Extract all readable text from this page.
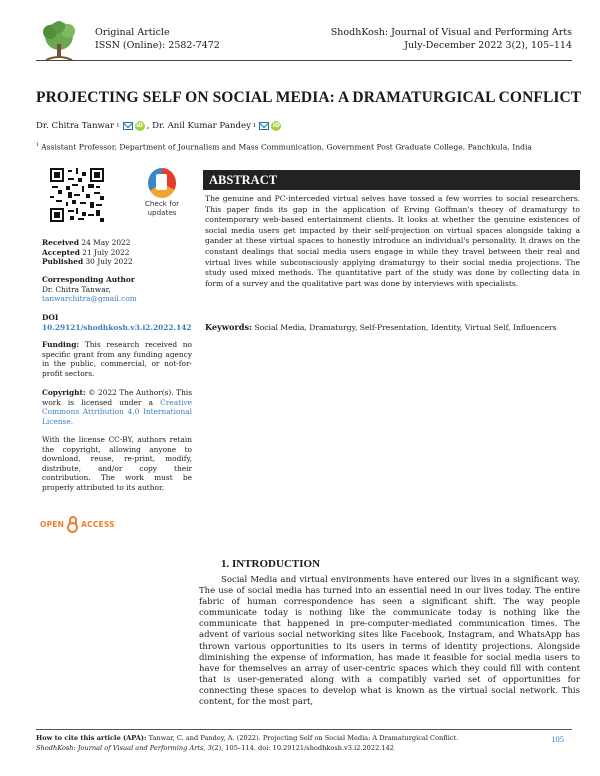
Original Article
ISSN (Online): 2582-7472
ShodhKosh: Journal of Visual and Performing Arts
July-December 2022 3(2), 105–114
PROJECTING SELF ON SOCIAL MEDIA: A DRAMATURGICAL CONFLICT
Dr. Chitra Tanwar 1	iD , Dr. Anil Kumar Pandey 1	iD
$^1$ Assistant Professor, Department of Journalism and Mass Communication, Government Post Graduate College, Panchkula, India
Check for
updates
Received 24 May 2022
Accepted 21 July 2022
Published 30 July 2022
Corresponding Author
Dr. Chitra Tanwar,
tanwarchitra@gmail.com
DOI
10.29121/shodhkosh.v3.i2.2022.142
Funding: This research received no specific grant from any funding agency in the public, commercial, or not-for-profit sectors.
Copyright: © 2022 The Author(s). This work is licensed under a Creative Commons Attribution 4.0 International License.
With the license CC-BY, authors retain the copyright, allowing anyone to download, reuse, re-print, modify, distribute, and/or copy their contribution. The work must be properly attributed to its author.
OPEN ACCESS
ABSTRACT
The genuine and PC-interceded virtual selves have tossed a few worries to social researchers. This paper finds its gap in the application of Erving Goffman's theory of dramaturgy to contemporary web-based entertainment clients. It looks at whether the genuine existences of social media users get impacted by their self-projection on virtual spaces alongside taking a gander at these virtual spaces to honestly introduce an individual's personality. It draws on the constant dealings that social media users engage in while they travel between their real and virtual lives while subconsciously applying dramaturgy to their social media projections. The study used mixed methods. The quantitative part of the study was done by collecting data in form of a survey and the qualitative part was done by interviews with specialists.
Keywords: Social Media, Dramaturgy, Self-Presentation, Identity, Virtual Self, Influencers
1. INTRODUCTION
Social Media and virtual environments have entered our lives in a significant way. The use of social media has turned into an essential need in our lives today. The entire fabric of human correspondence has seen a significant shift. The way people communicate today is nothing like the communicate today is nothing like the communicate that happened in pre-computer-mediated communication times. The advent of various social networking sites like Facebook, Instagram, and WhatsApp has thrown various opportunities to its users in terms of identity projections. Alongside diminishing the expense of information, has made it feasible for social media users to have for themselves an array of user-centric spaces which they could fill with content that is user-generated along with a compatibly varied set of opportunities for connecting these spaces to develop what is known as the virtual social network. This content, for the most part,
How to cite this article (APA): Tanwar, C. and Pandey, A. (2022). Projecting Self on Social Media: A Dramaturgical Conflict.
ShodhKosh: Journal of Visual and Performing Arts, 3(2), 105–114. doi: 10.29121/shodhkosh.v3.i2.2022.142
105
